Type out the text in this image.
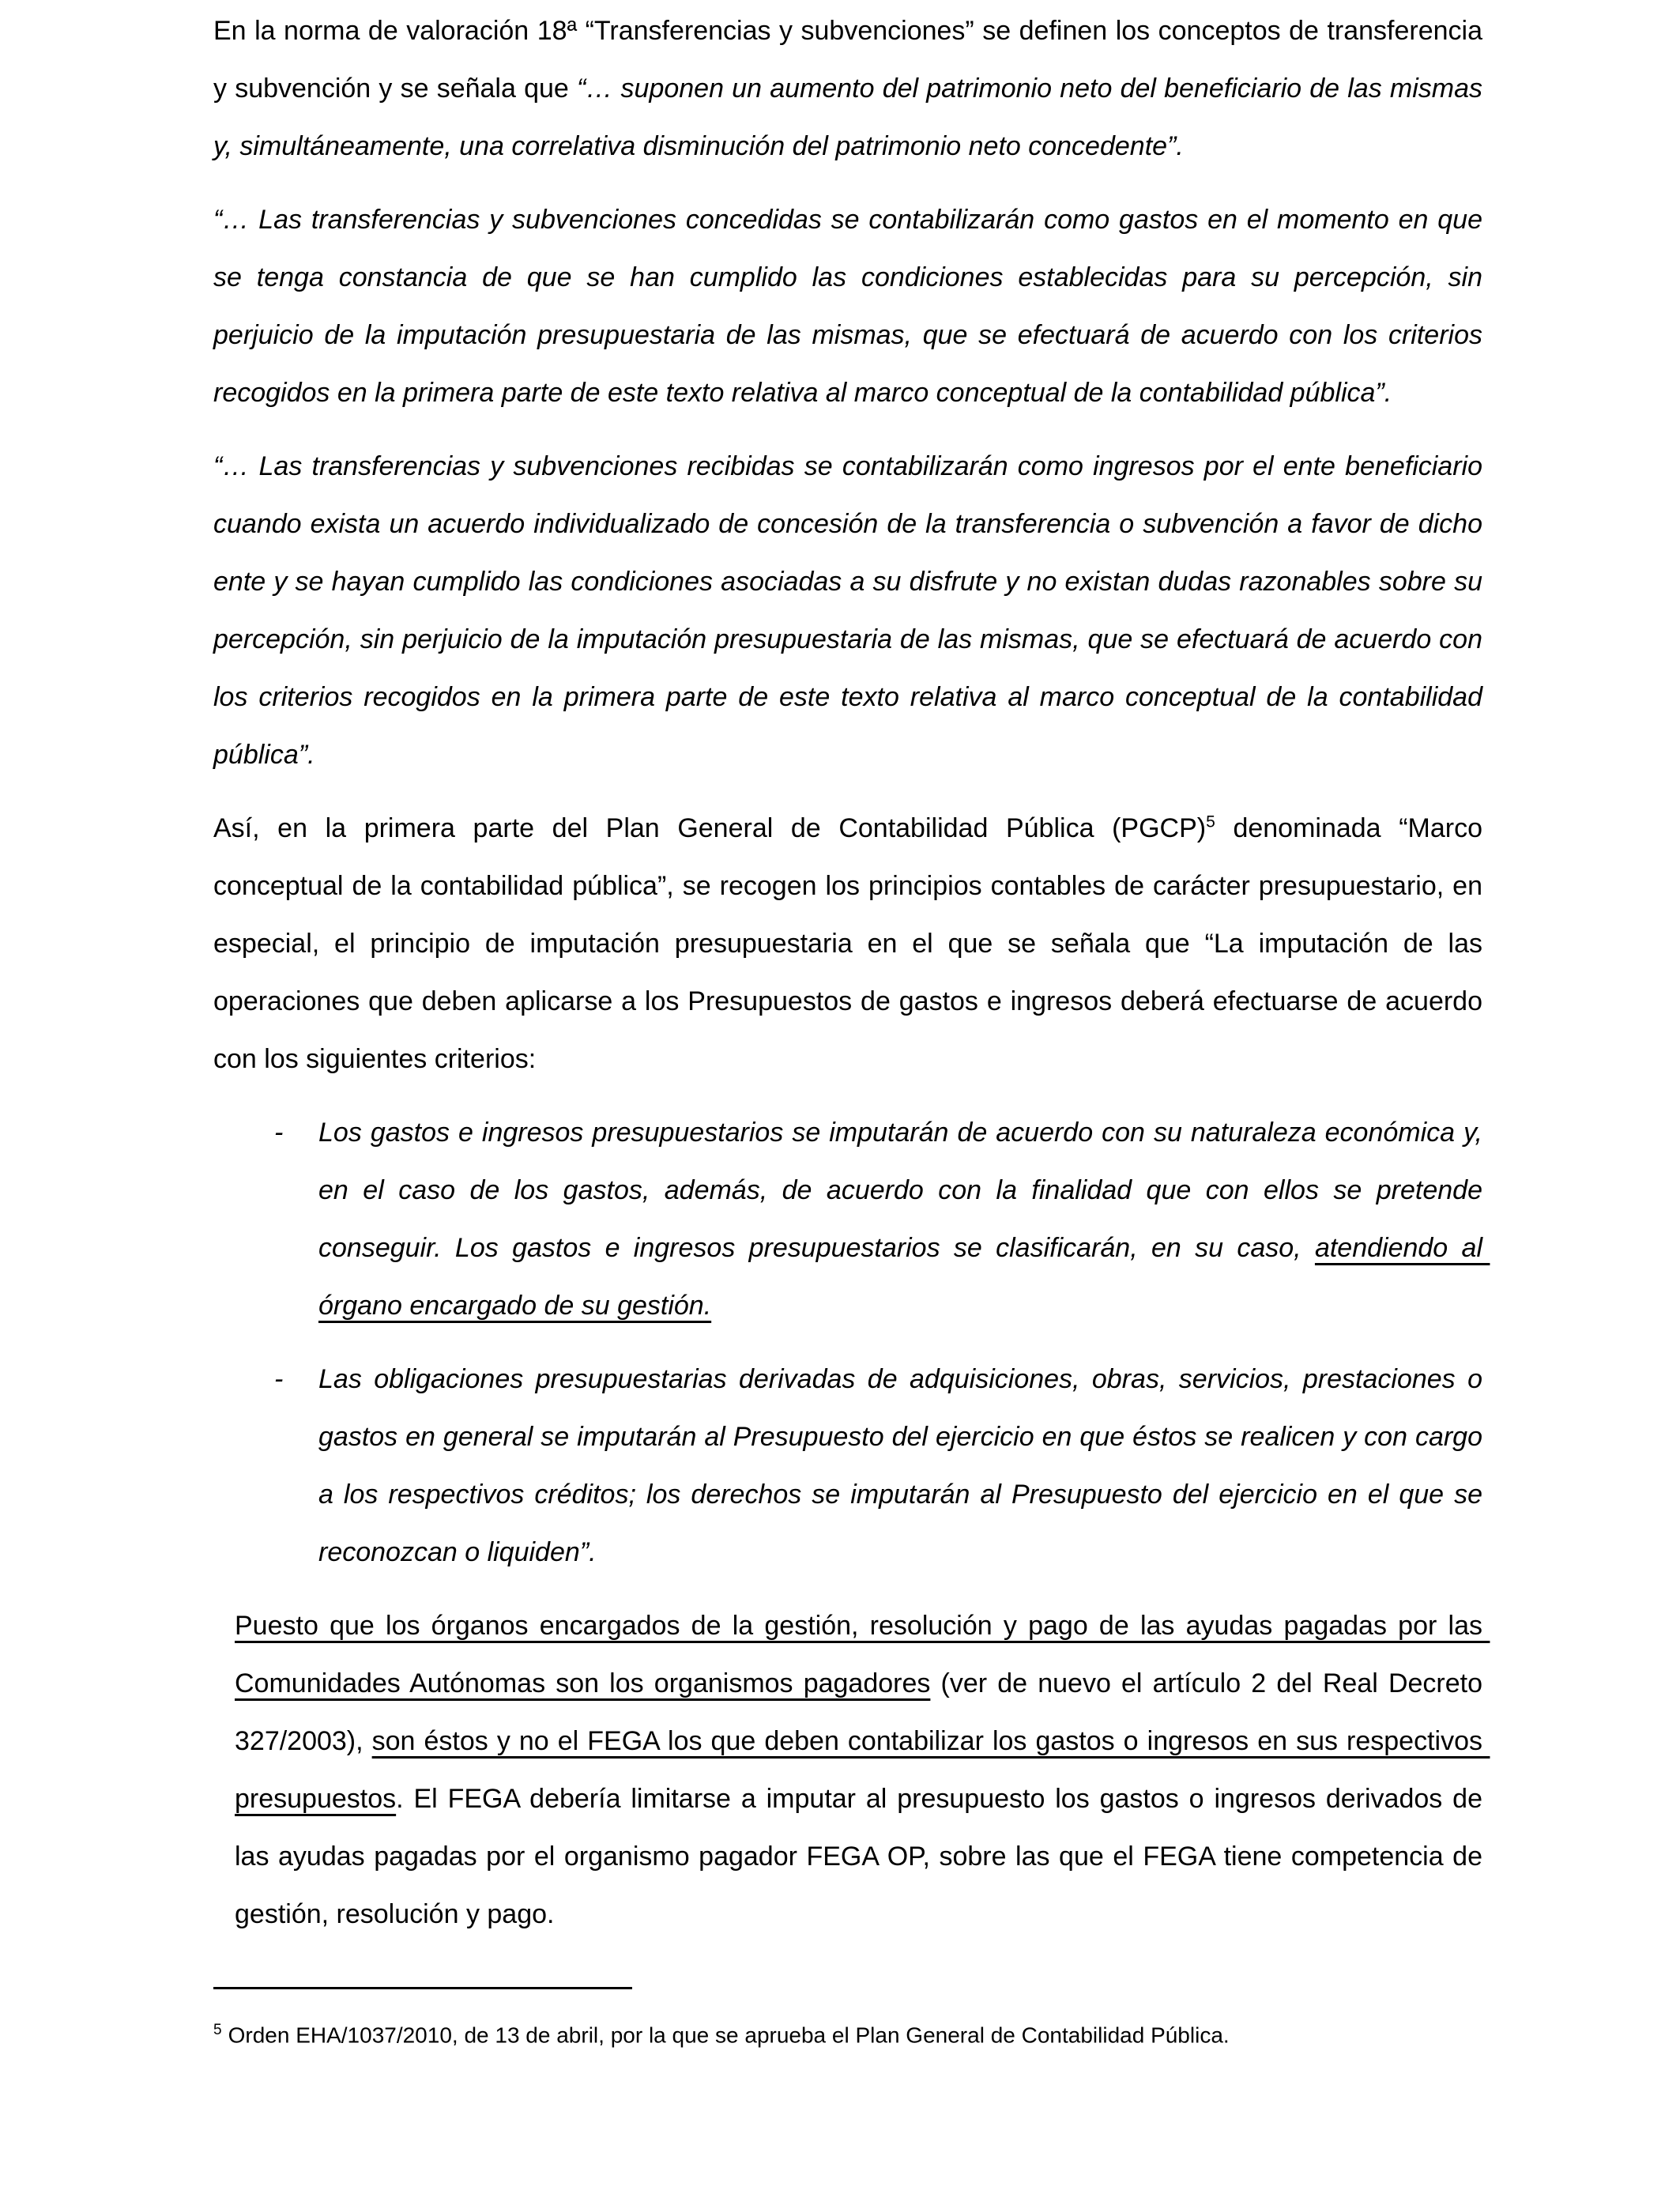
En la norma de valoración 18ª “Transferencias y subvenciones” se definen los conceptos de transferencia y subvención y se señala que “… suponen un aumento del patrimonio neto del beneficiario de las mismas y, simultáneamente, una correlativa disminución del patrimonio neto concedente”.

“… Las transferencias y subvenciones concedidas se contabilizarán como gastos en el momento en que se tenga constancia de que se han cumplido las condiciones establecidas para su percepción, sin perjuicio de la imputación presupuestaria de las mismas, que se efectuará de acuerdo con los criterios recogidos en la primera parte de este texto relativa al marco conceptual de la contabilidad pública”.

“… Las transferencias y subvenciones recibidas se contabilizarán como ingresos por el ente beneficiario cuando exista un acuerdo individualizado de concesión de la transferencia o subvención a favor de dicho ente y se hayan cumplido las condiciones asociadas a su disfrute y no existan dudas razonables sobre su percepción, sin perjuicio de la imputación presupuestaria de las mismas, que se efectuará de acuerdo con los criterios recogidos en la primera parte de este texto relativa al marco conceptual de la contabilidad pública”.

Así, en la primera parte del Plan General de Contabilidad Pública (PGCP)$^5$ denominada “Marco conceptual de la contabilidad pública”, se recogen los principios contables de carácter presupuestario, en especial, el principio de imputación presupuestaria en el que se señala que “La imputación de las operaciones que deben aplicarse a los Presupuestos de gastos e ingresos deberá efectuarse de acuerdo con los siguientes criterios:

- Los gastos e ingresos presupuestarios se imputarán de acuerdo con su naturaleza económica y, en el caso de los gastos, además, de acuerdo con la finalidad que con ellos se pretende conseguir. Los gastos e ingresos presupuestarios se clasificarán, en su caso, atendiendo al órgano encargado de su gestión.

- Las obligaciones presupuestarias derivadas de adquisiciones, obras, servicios, prestaciones o gastos en general se imputarán al Presupuesto del ejercicio en que éstos se realicen y con cargo a los respectivos créditos; los derechos se imputarán al Presupuesto del ejercicio en el que se reconozcan o liquiden”.

Puesto que los órganos encargados de la gestión, resolución y pago de las ayudas pagadas por las Comunidades Autónomas son los organismos pagadores (ver de nuevo el artículo 2 del Real Decreto 327/2003), son éstos y no el FEGA los que deben contabilizar los gastos o ingresos en sus respectivos presupuestos. El FEGA debería limitarse a imputar al presupuesto los gastos o ingresos derivados de las ayudas pagadas por el organismo pagador FEGA OP, sobre las que el FEGA tiene competencia de gestión, resolución y pago.

$^5$ Orden EHA/1037/2010, de 13 de abril, por la que se aprueba el Plan General de Contabilidad Pública.
